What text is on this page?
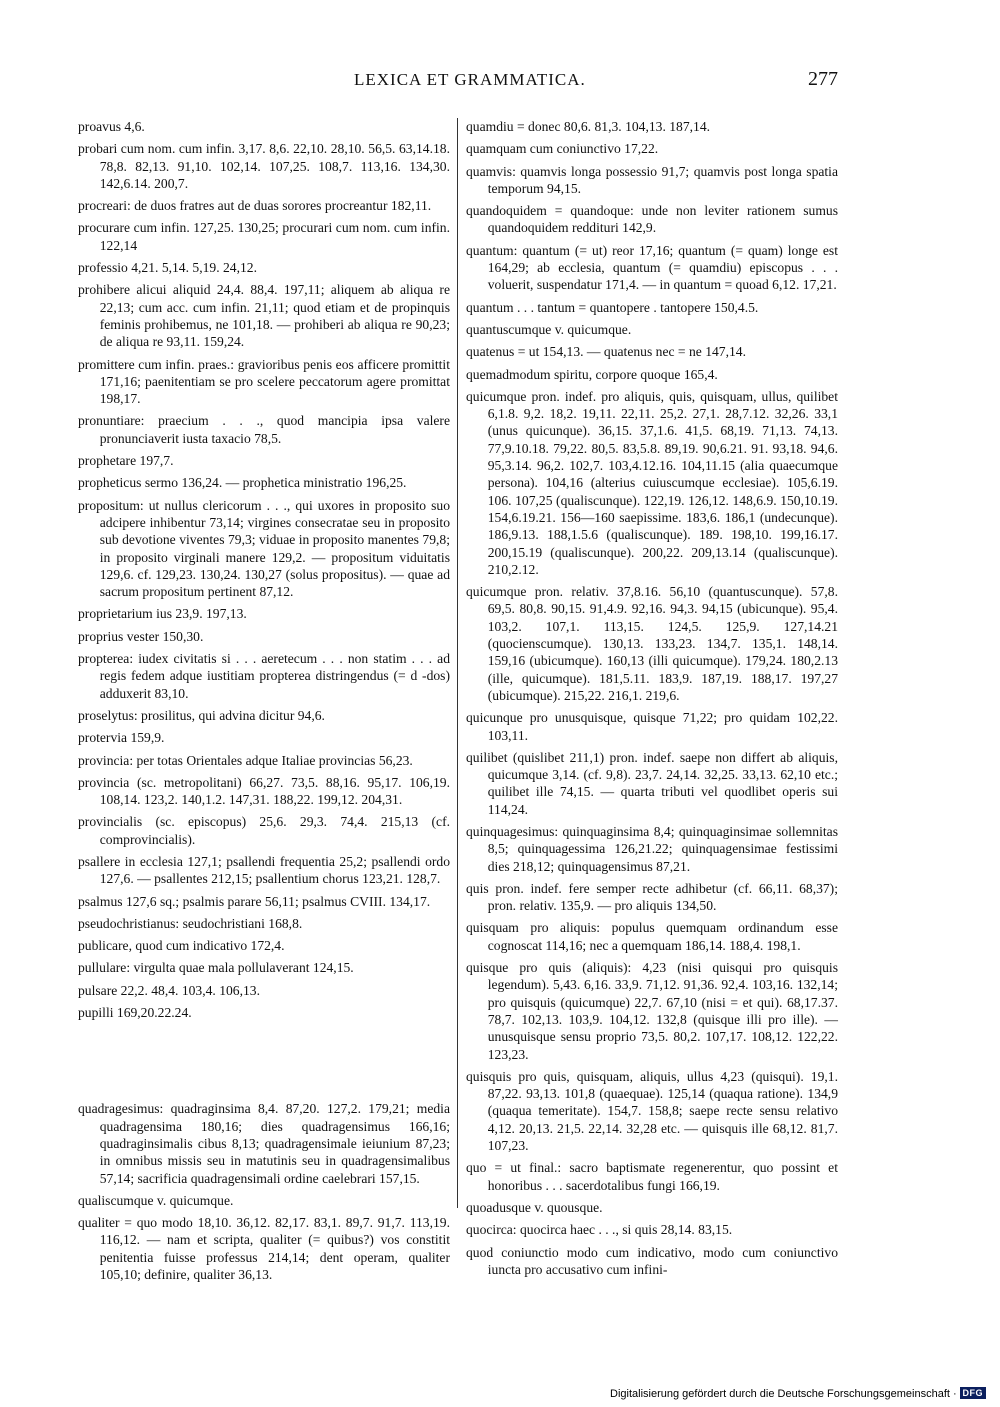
LEXICA ET GRAMMATICA.	277
proavus 4,6.
probari cum nom. cum infin. 3,17. 8,6. 22,10. 28,10. 56,5. 63,14.18. 78,8. 82,13. 91,10. 102,14. 107,25. 108,7. 113,16. 134,30. 142,6.14. 200,7.
procreari: de duos fratres aut de duas sorores procreantur 182,11.
procurare cum infin. 127,25. 130,25; procurari cum nom. cum infin. 122,14
professio 4,21. 5,14. 5,19. 24,12.
prohibere alicui aliquid 24,4. 88,4. 197,11; aliquem ab aliqua re 22,13; cum acc. cum infin. 21,11; quod etiam et de propinquis feminis prohibemus, ne 101,18. — prohiberi ab aliqua re 90,23; de aliqua re 93,11. 159,24.
promittere cum infin. praes.: gravioribus penis eos afficere promittit 171,16; paenitentiam se pro scelere peccatorum agere promittat 198,17.
pronuntiare: praecium . . ., quod mancipia ipsa valere pronunciaverit iusta taxacio 78,5.
prophetare 197,7.
propheticus sermo 136,24. — prophetica ministratio 196,25.
propositum: ut nullus clericorum . . ., qui uxores in proposito suo adcipere inhibentur 73,14; virgines consecratae seu in proposito sub devotione viventes 79,3; viduae in proposito manentes 79,8; in proposito virginali manere 129,2. — propositum viduitatis 129,6. cf. 129,23. 130,24. 130,27 (solus propositus). — quae ad sacrum propositum pertinent 87,12.
proprietarium ius 23,9. 197,13.
proprius vester 150,30.
propterea: iudex civitatis si . . . aeretecum . . . non statim . . . ad regis fedem adque iustitiam propterea distringendus (= d -dos) adduxerit 83,10.
proselytus: prosilitus, qui advina dicitur 94,6.
protervia 159,9.
provincia: per totas Orientales adque Italiae provincias 56,23.
provincia (sc. metropolitani) 66,27. 73,5. 88,16. 95,17. 106,19. 108,14. 123,2. 140,1.2. 147,31. 188,22. 199,12. 204,31.
provincialis (sc. episcopus) 25,6. 29,3. 74,4. 215,13 (cf. comprovincialis).
psallere in ecclesia 127,1; psallendi frequentia 25,2; psallendi ordo 127,6. — psallentes 212,15; psallentium chorus 123,21. 128,7.
psalmus 127,6 sq.; psalmis parare 56,11; psalmus CVIII. 134,17.
pseudochristianus: seudochristiani 168,8.
publicare, quod cum indicativo 172,4.
pullulare: virgulta quae mala pollulaverant 124,15.
pulsare 22,2. 48,4. 103,4. 106,13.
pupilli 169,20.22.24.
quadragesimus: quadraginsima 8,4. 87,20. 127,2. 179,21; media quadragensima 180,16; dies quadragensimus 166,16; quadraginsimalis cibus 8,13; quadragensimale ieiunium 87,23; in omnibus missis seu in matutinis seu in quadragensimalibus 57,14; sacrificia quadragensimali ordine caelebrari 157,15.
qualiscumque v. quicumque.
qualiter = quo modo 18,10. 36,12. 82,17. 83,1. 89,7. 91,7. 113,19. 116,12. — nam et scripta, qualiter (= quibus?) vos constitit penitentia fuisse professus 214,14; dent operam, qualiter 105,10; definire, qualiter 36,13.
quamdiu = donec 80,6. 81,3. 104,13. 187,14.
quamquam cum coniunctivo 17,22.
quamvis: quamvis longa possessio 91,7; quamvis post longa spatia temporum 94,15.
quandoquidem = quandoque: unde non leviter rationem sumus quandoquidem reddituri 142,9.
quantum: quantum (= ut) reor 17,16; quantum (= quam) longe est 164,29; ab ecclesia, quantum (= quamdiu) episcopus . . . voluerit, suspendatur 171,4. — in quantum = quoad 6,12. 17,21.
quantum . . . tantum = quantopere . tantopere 150,4.5.
quantuscumque v. quicumque.
quatenus = ut 154,13. — quatenus nec = ne 147,14.
quemadmodum spiritu, corpore quoque 165,4.
quicumque pron. indef. pro aliquis, quis, quisquam, ullus, quilibet 6,1.8. 9,2. 18,2. 19,11. 22,11. 25,2. 27,1. 28,7.12. 32,26. 33,1 (unus quicunque). 36,15. 37,1.6. 41,5. 68,19. 71,13. 74,13. 77,9.10.18. 79,22. 80,5. 83,5.8. 89,19. 90,6.21. 91. 93,18. 94,6. 95,3.14. 96,2. 102,7. 103,4.12.16. 104,11.15 (alia quaecumque persona). 104,16 (alterius cuiuscumque ecclesiae). 105,6.19. 106. 107,25 (qualiscunque). 122,19. 126,12. 148,6.9. 150,10.19. 154,6.19.21. 156—160 saepissime. 183,6. 186,1 (undecunque). 186,9.13. 188,1.5.6 (qualiscunque). 189. 198,10. 199,16.17. 200,15.19 (qualiscunque). 200,22. 209,13.14 (qualiscunque). 210,2.12.
quicumque pron. relativ. 37,8.16. 56,10 (quantuscunque). 57,8. 69,5. 80,8. 90,15. 91,4.9. 92,16. 94,3. 94,15 (ubicunque). 95,4. 103,2. 107,1. 113,15. 124,5. 125,9. 127,14.21 (quocienscumque). 130,13. 133,23. 134,7. 135,1. 148,14. 159,16 (ubicumque). 160,13 (illi quicumque). 179,24. 180,2.13 (ille, quicumque). 181,5.11. 183,9. 187,19. 188,17. 197,27 (ubicumque). 215,22. 216,1. 219,6.
quicunque pro unusquisque, quisque 71,22; pro quidam 102,22. 103,11.
quilibet (quislibet 211,1) pron. indef. saepe non differt ab aliquis, quicumque 3,14. (cf. 9,8). 23,7. 24,14. 32,25. 33,13. 62,10 etc.; quilibet ille 74,15. — quarta tributi vel quodlibet operis sui 114,24.
quinquagesimus: quinquaginsima 8,4; quinquaginsimae sollemnitas 8,5; quinquagessima 126,21.22; quinquagensimae festissimi dies 218,12; quinquagensimus 87,21.
quis pron. indef. fere semper recte adhibetur (cf. 66,11. 68,37); pron. relativ. 135,9. — pro aliquis 134,50.
quisquam pro aliquis: populus quemquam ordinandum esse cognoscat 114,16; nec a quemquam 186,14. 188,4. 198,1.
quisque pro quis (aliquis): 4,23 (nisi quisqui pro quisquis legendum). 5,43. 6,16. 33,9. 71,12. 91,36. 92,4. 103,16. 132,14; pro quisquis (quicumque) 22,7. 67,10 (nisi = et qui). 68,17.37. 78,7. 102,13. 103,9. 104,12. 132,8 (quisque illi pro ille). — unusquisque sensu proprio 73,5. 80,2. 107,17. 108,12. 122,22. 123,23.
quisquis pro quis, quisquam, aliquis, ullus 4,23 (quisqui). 19,1. 87,22. 93,13. 101,8 (quaequae). 125,14 (quaqua ratione). 134,9 (quaqua temeritate). 154,7. 158,8; saepe recte sensu relativo 4,12. 20,13. 21,5. 22,14. 32,28 etc. — quisquis ille 68,12. 81,7. 107,23.
quo = ut final.: sacro baptismate regenerentur, quo possint et honoribus . . . sacerdotalibus fungi 166,19.
quoadusque v. quousque.
quocirca: quocirca haec . . ., si quis 28,14. 83,15.
quod coniunctio modo cum indicativo, modo cum coniunctivo iuncta pro accusativo cum infini-
Digitalisierung gefördert durch die Deutsche Forschungsgemeinschaft · DFG
